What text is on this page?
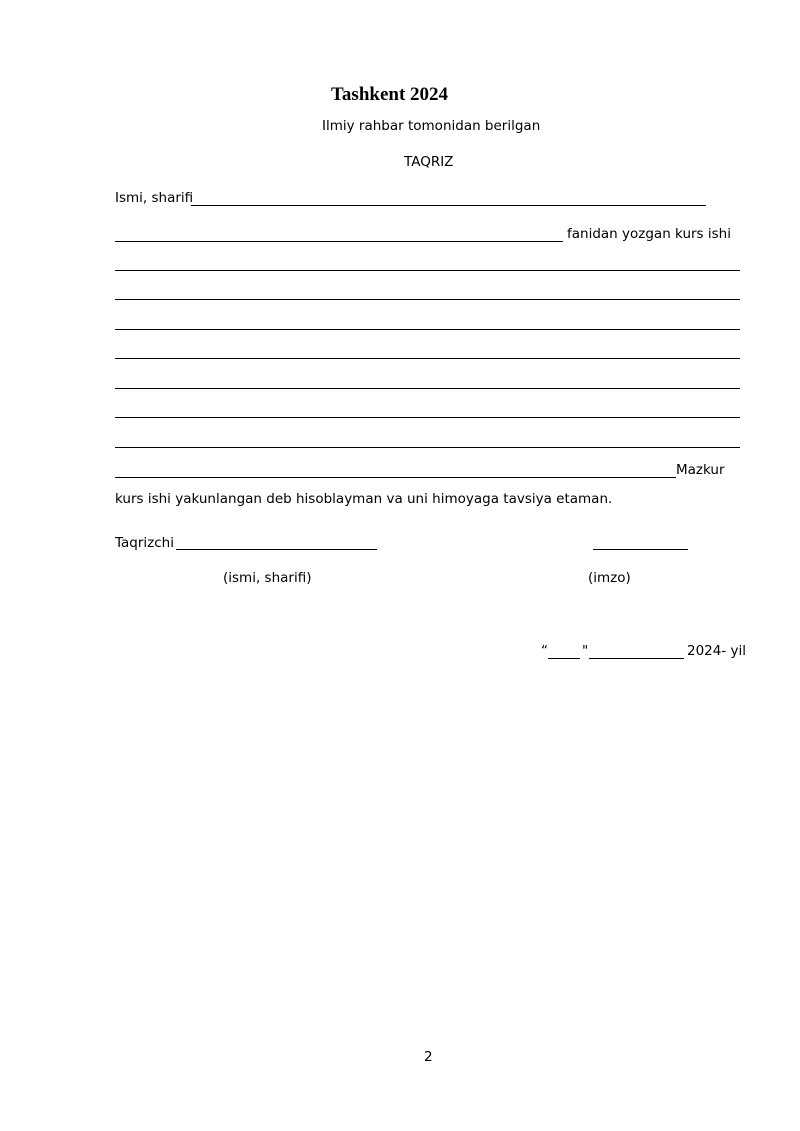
Tashkent 2024
Ilmiy rahbar tomonidan berilgan
TAQRIZ
Ismi, sharifi
fanidan yozgan kurs ishi
Mazkur
kurs ishi yakunlangan deb hisoblayman va uni himoyaga tavsiya etaman.
Taqrizchi
(ismi, sharifi)	(imzo)
“	"	2024- yil
2
